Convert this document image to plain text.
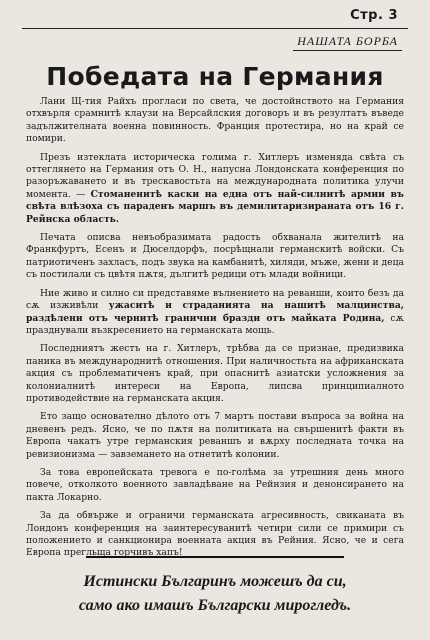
Стр. 3
НАШАТА БОРБА
Победата на Германия

Лани Щ-тия Райхъ прогласи по света, че достойнството на Германия отхвърля срамнитѣ клаузи на Версайлския договоръ и въ резултатъ въведе задължителната военна повинность. Франция протестира, но на край се помири.

Презъ изтеклата историческа голима г. Хитлеръ изменяда свѣта съ оттеглянето на Германия отъ О. Н., напусна Лондонската конференция по разоръжаването и въ трескавостьта на международната политика улучи момента. — Стоманенитѣ каски на една отъ най-силнитѣ армии въ свѣта влѣзоха съ параденъ маршъ въ демилитаризираната отъ 16 г. Рейнска область.

Печата описва невъобразимата радость обхванала жителитѣ на Франкфуртъ, Есенъ и Дюселдорфъ, посрѣщнали германскитѣ войски. Съ патриотиченъ захласъ, подъ звука на камбанитѣ, хиляди, мъже, жени и деца съ постилали съ цвѣтя пѫтя, дългитѣ редици отъ млади войници.

Ние живо и силно си представяме вълнението на реванши, които безъ да сѫ изживѣли ужаситѣ и страданията на нашитѣ малцинства, раздѣлени отъ чернитѣ гранични бразди отъ майката Родина, сѫ празднували възкресението на германската мощь.

Последниятъ жестъ на г. Хитлеръ, трѣбва да се признае, предизвика паника въ международнитѣ отношения. При наличностьта на африканската акция съ проблематиченъ край, при опаснитѣ азиатски усложнения за колониалнитѣ интереси на Европа, липсва принципиалното противодействие на германската акция.

Ето защо основателно дѣлото отъ 7 мартъ постави въпроса за война на дневенъ редъ. Ясно, че по пѫтя на политиката на свършенитѣ факти въ Европа чакатъ утре германския реваншъ и вѫрху последната точка на ревизионизма — завземането на отнетитѣ колонии.

За това европейската тревога е по-голѣма за утрешния день много повече, отколкото военното завладѣване на Рейнзия и денонсирането на пакта Локарно.

За да обвърже и ограничи германската агресивность, свиканата въ Лондонъ конференция на заинтересуванитѣ четири сили се примири съ положението и санкционира военната акция въ Рейния. Ясно, че и сега Европа прегльща горчивъ хапъ!

Истински Българинъ можешъ да си,
само ако имашъ Български мирогледъ.
